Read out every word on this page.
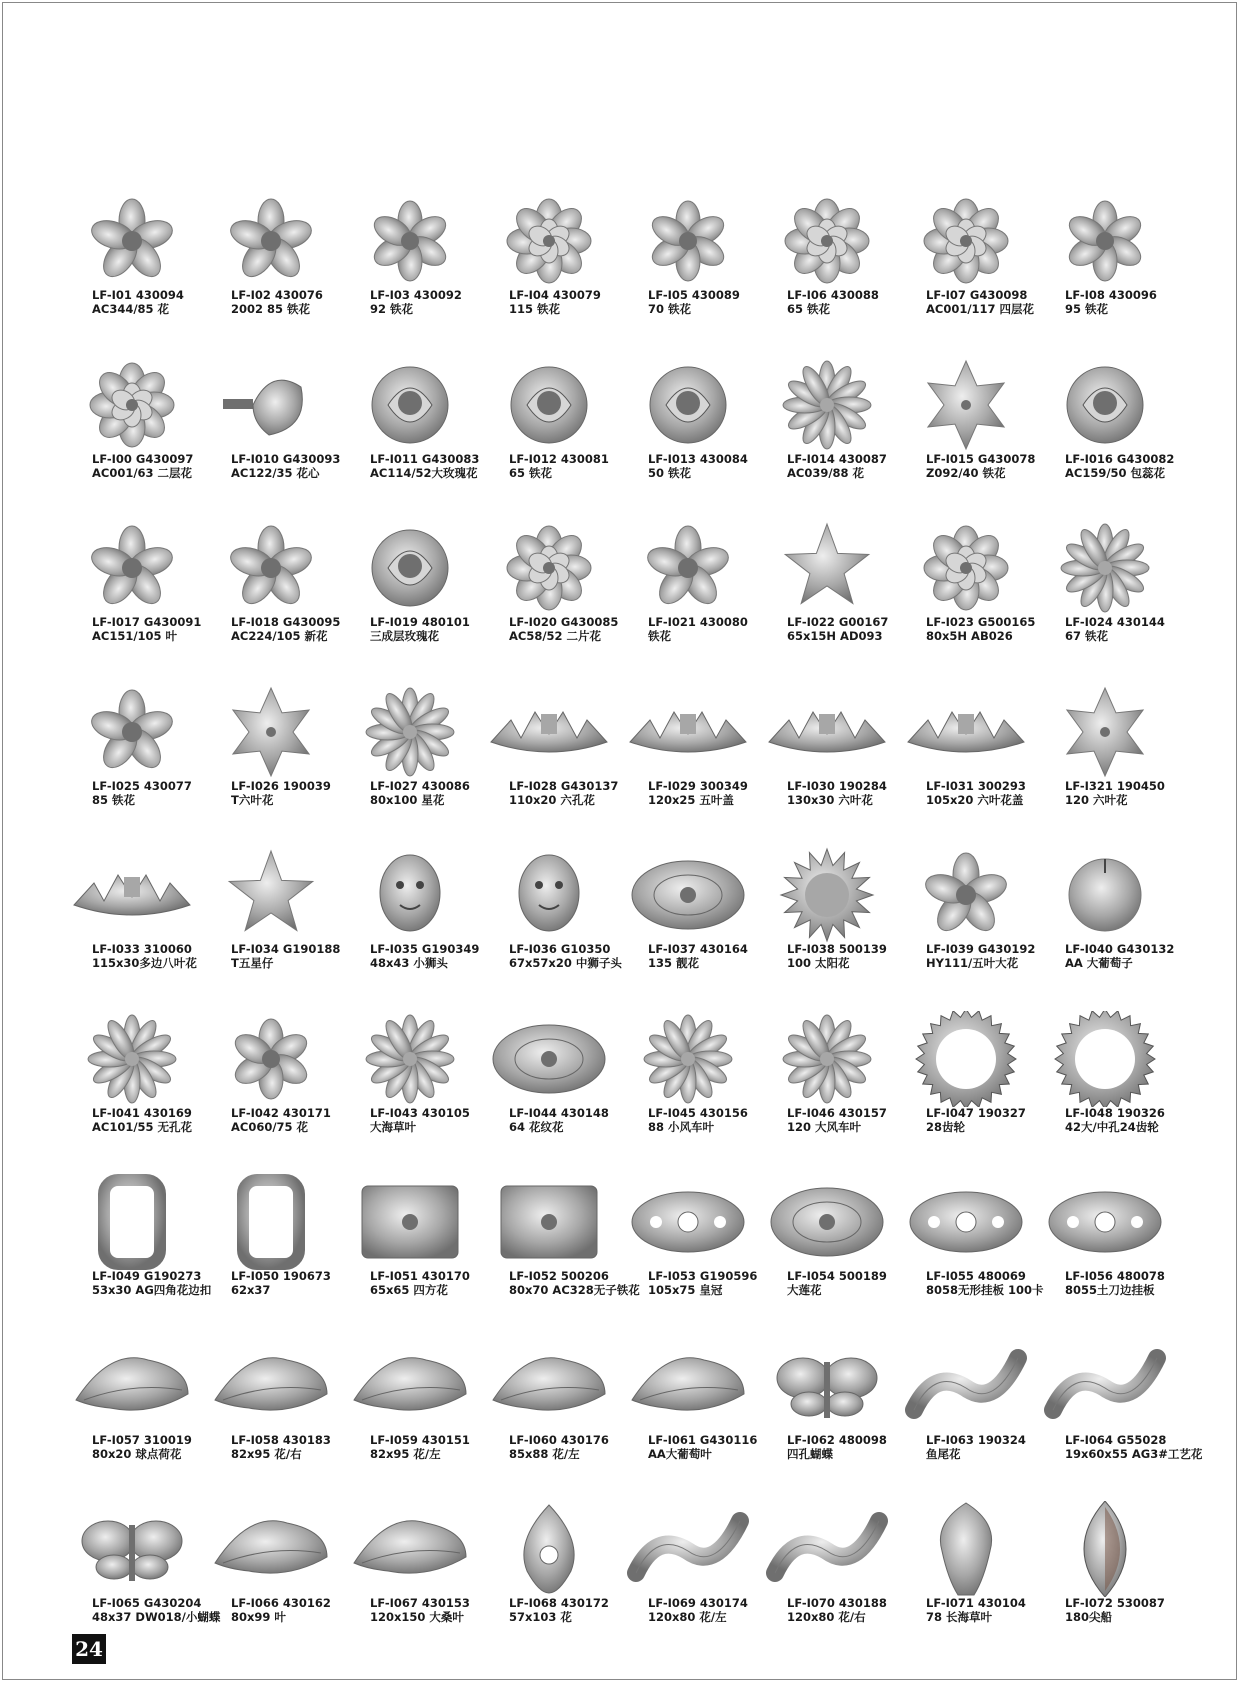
LF-I01 430094
AC344/85 花
LF-I02 430076
2002 85 铁花
LF-I03 430092
92 铁花
LF-I04 430079
115 铁花
LF-I05 430089
70 铁花
LF-I06 430088
65 铁花
LF-I07 G430098
AC001/117 四层花
LF-I08 430096
95 铁花
LF-I00 G430097
AC001/63 二层花
LF-I010 G430093
AC122/35 花心
LF-I011 G430083
AC114/52大玫瑰花
LF-I012 430081
65 铁花
LF-I013 430084
50 铁花
LF-I014 430087
AC039/88 花
LF-I015 G430078
Z092/40 铁花
LF-I016 G430082
AC159/50 包蕊花
LF-I017 G430091
AC151/105 叶
LF-I018 G430095
AC224/105 新花
LF-I019 480101
三成层玫瑰花
LF-I020 G430085
AC58/52 二片花
LF-I021 430080
铁花
LF-I022 G00167
65x15H AD093
LF-I023 G500165
80x5H AB026
LF-I024 430144
67 铁花
LF-I025 430077
85 铁花
LF-I026 190039
T六叶花
LF-I027 430086
80x100 星花
LF-I028 G430137
110x20 六孔花
LF-I029 300349
120x25 五叶盖
LF-I030 190284
130x30 六叶花
LF-I031 300293
105x20 六叶花盖
LF-I321 190450
120 六叶花
LF-I033 310060
115x30多边八叶花
LF-I034 G190188
T五星仔
LF-I035 G190349
48x43 小狮头
LF-I036 G10350
67x57x20 中狮子头
LF-I037 430164
135 靓花
LF-I038 500139
100 太阳花
LF-I039 G430192
HY111/五叶大花
LF-I040 G430132
AA 大葡萄子
LF-I041 430169
AC101/55 无孔花
LF-I042 430171
AC060/75 花
LF-I043 430105
大海草叶
LF-I044 430148
64 花纹花
LF-I045 430156
88 小风车叶
LF-I046 430157
120 大风车叶
LF-I047 190327
28齿轮
LF-I048 190326
42大/中孔24齿轮
LF-I049 G190273
53x30 AG四角花边扣
LF-I050 190673
62x37
LF-I051 430170
65x65 四方花
LF-I052 500206
80x70 AC328无子铁花
LF-I053 G190596
105x75 皇冠
LF-I054 500189
大莲花
LF-I055 480069
8058无形挂板 100卡
LF-I056 480078
8055土刀边挂板
LF-I057 310019
80x20 球点荷花
LF-I058 430183
82x95 花/右
LF-I059 430151
82x95 花/左
LF-I060 430176
85x88 花/左
LF-I061 G430116
AA大葡萄叶
LF-I062 480098
四孔蝴蝶
LF-I063 190324
鱼尾花
LF-I064 G55028
19x60x55 AG3#工艺花
LF-I065 G430204
48x37 DW018/小蝴蝶
LF-I066 430162
80x99 叶
LF-I067 430153
120x150 大桑叶
LF-I068 430172
57x103 花
LF-I069 430174
120x80 花/左
LF-I070 430188
120x80 花/右
LF-I071 430104
78 长海草叶
LF-I072 530087
180尖船
24
